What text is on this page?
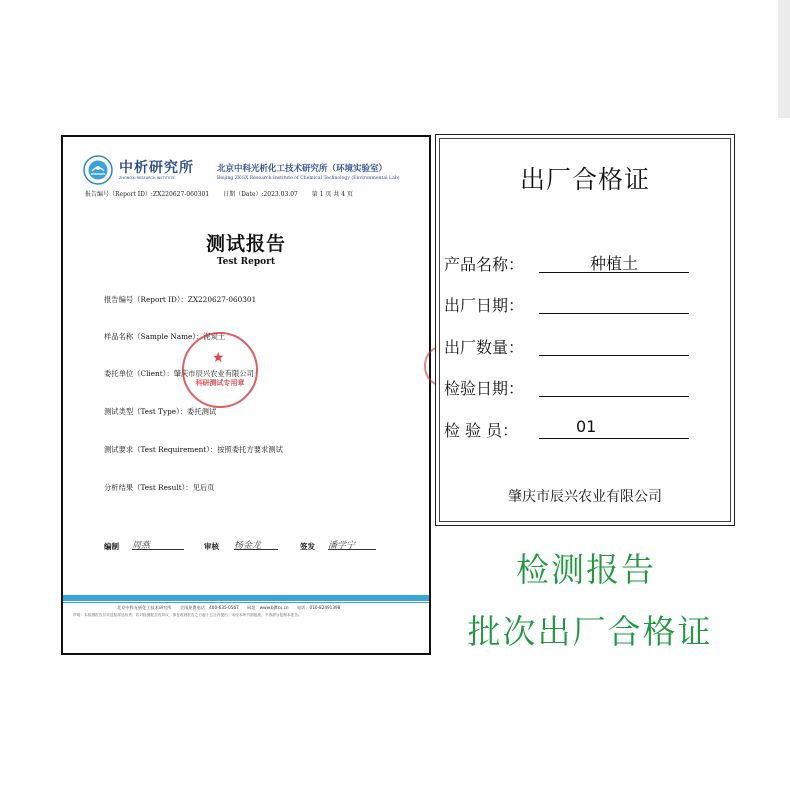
中析研究所
ZHONGXI RESEARCH INSTITUTE
北京中科光析化工技术研究所（环境实验室）
Beijing ZKGX Research Institute of Chemical Technology (Environmental Lab)
报告编号（Report ID）:ZX220627-060301 日期（Date）:2023.03.07 第 1 页 共 4 页
测试报告
Test Report
报告编号（Report ID）：ZX220627-060301
样品名称（Sample Name）：泥炭土
委托单位（Client）：肇庆市辰兴农业有限公司
测试类型（Test Type）：委托测试
测试要求（Test Requirement）：按照委托方要求测试
分析结果（Test Result）：见后页
★
科研测试专用章
编制 周燕	审核 杨金龙	签发 潘学宁
北京中科光析化工技术研究所　　全国免费电话：400-635-0567　　网址：www.bjftcs.cn　　电话：010-82491398
声明：本检测报告仅对送检样品负责；若对检测报告有异议，请在收到报告之日起十五日内提出；未经本所书面批准，不得部分复制本报告。
出厂合格证
产品名称：	种植土
出厂日期：
出厂数量：
检验日期：
检 验 员：	01
肇庆市辰兴农业有限公司
检测报告
批次出厂合格证
